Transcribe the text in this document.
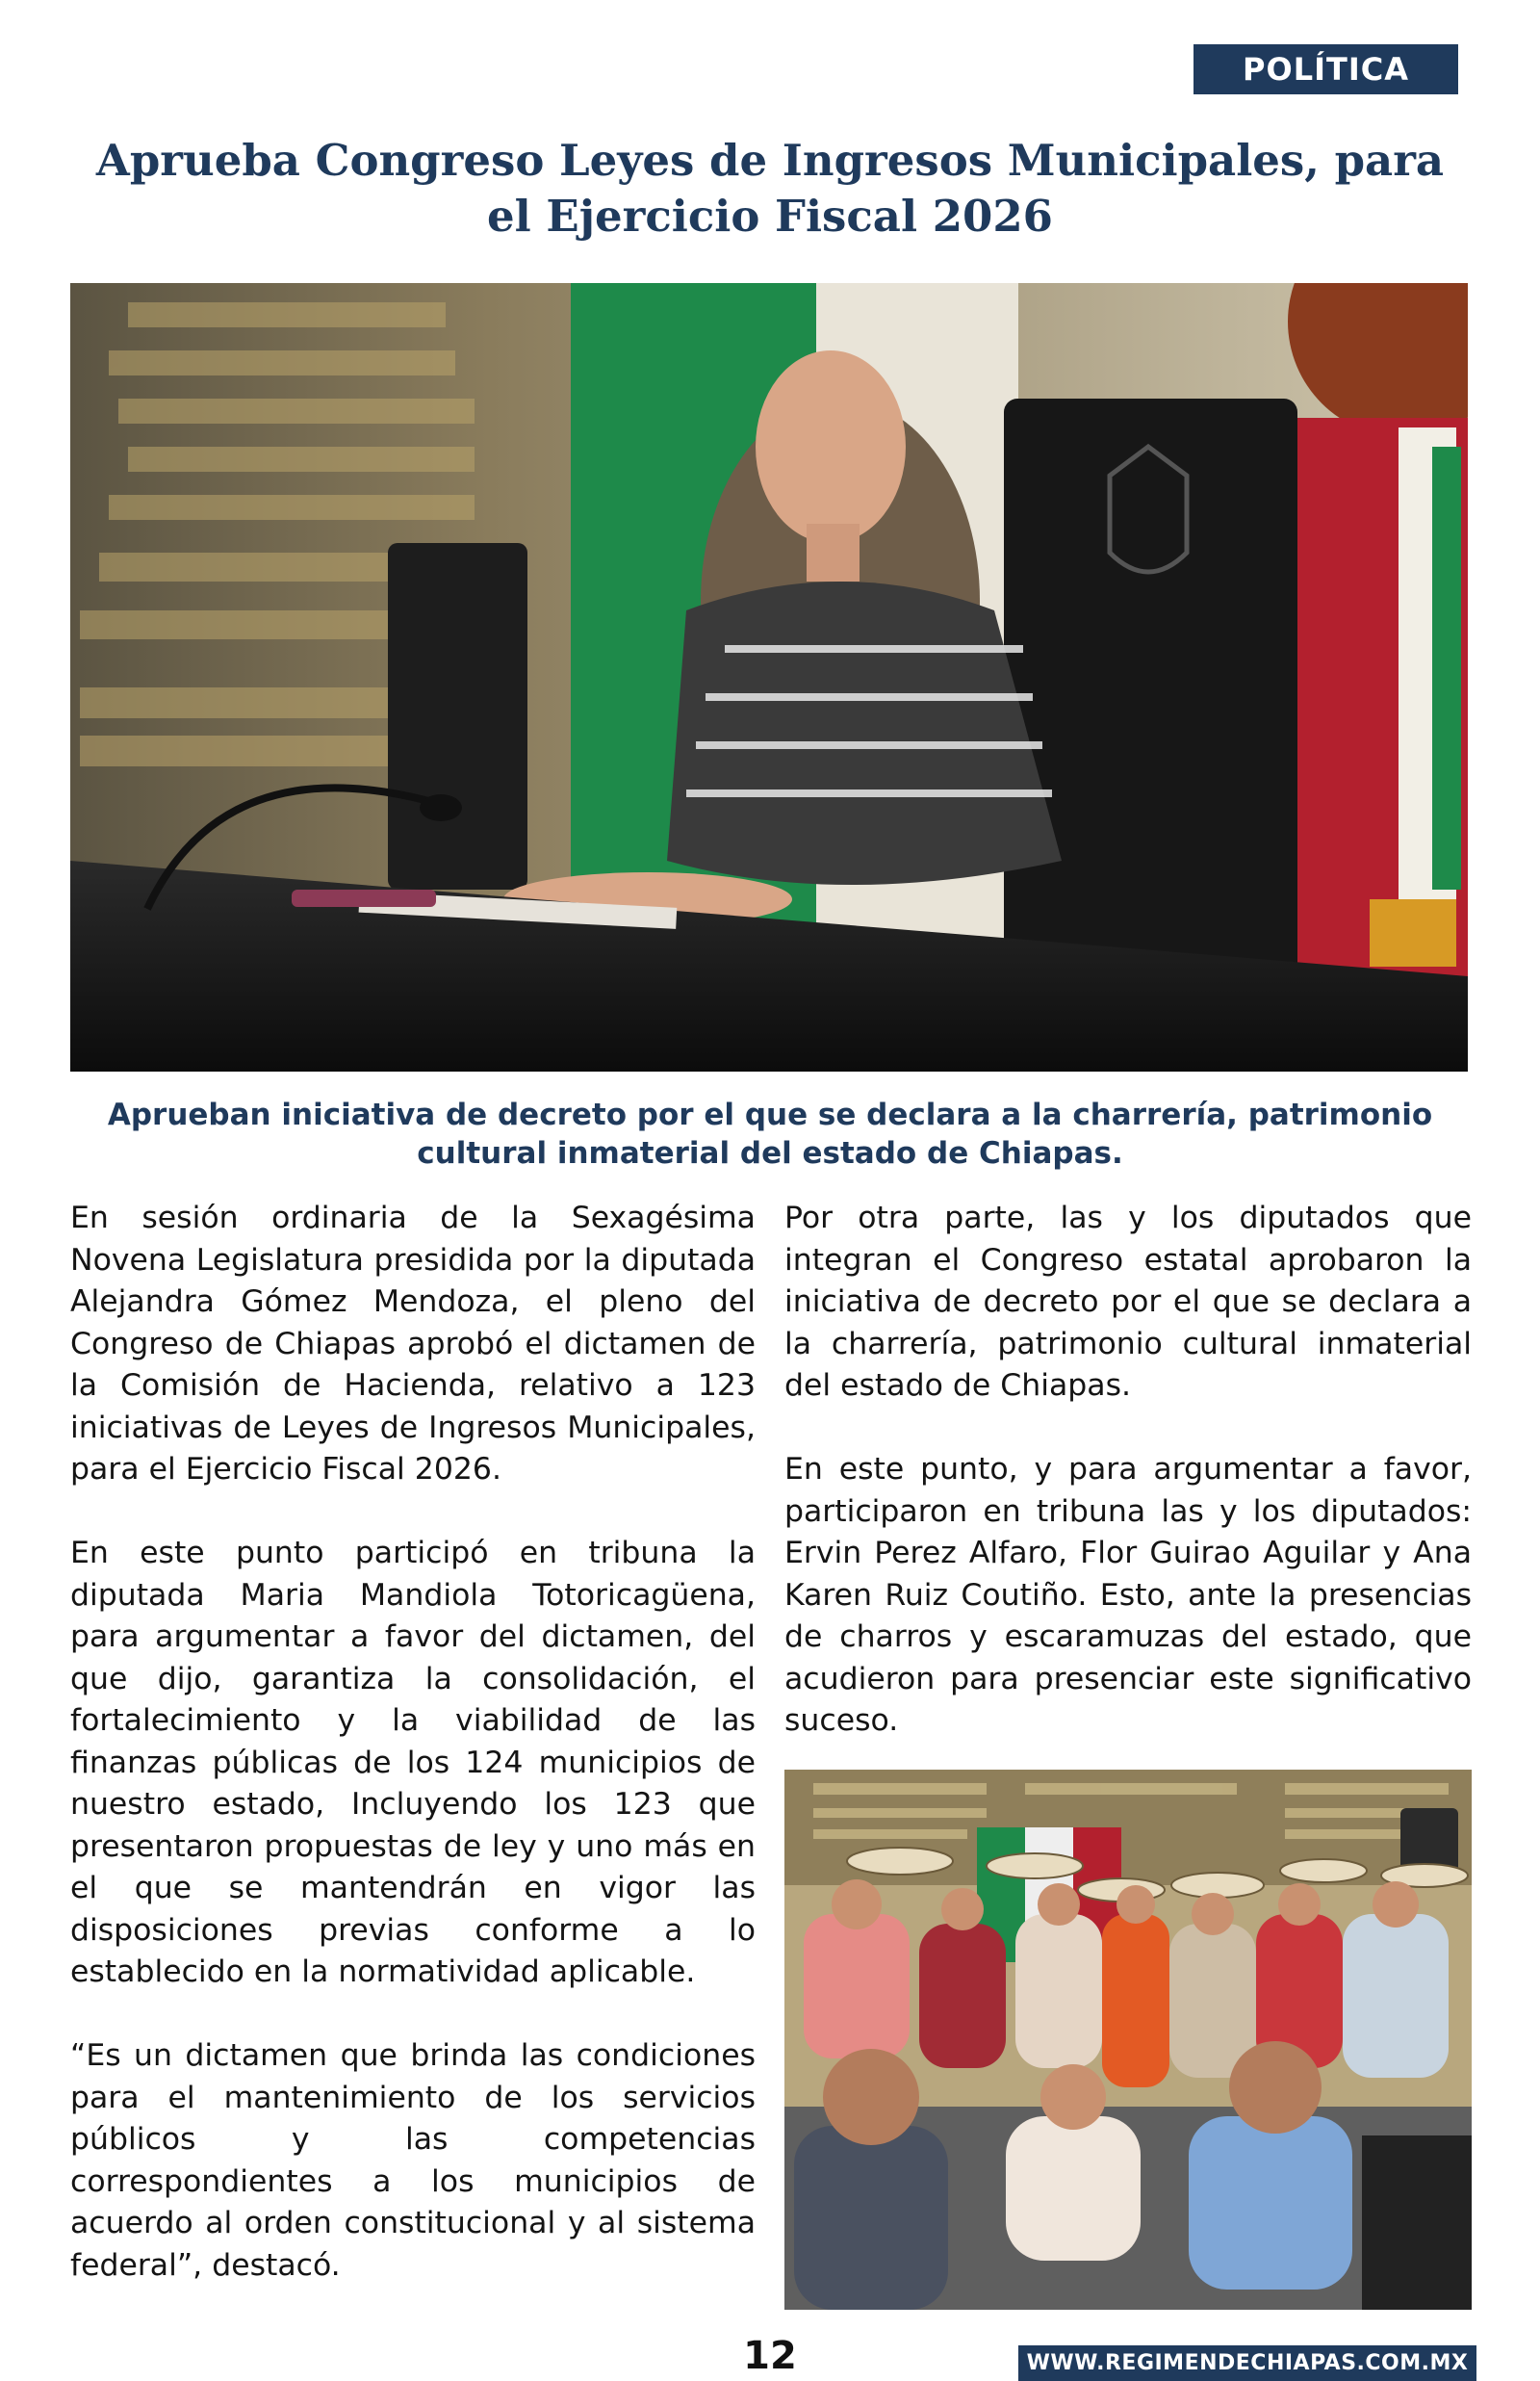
POLÍTICA
Aprueba Congreso Leyes de Ingresos Municipales, para el Ejercicio Fiscal 2026

Aprueban iniciativa de decreto por el que se declara a la charrería, patrimonio cultural inmaterial del estado de Chiapas.

En sesión ordinaria de la Sexagésima Novena Legislatura presidida por la diputada Alejandra Gómez Mendoza, el pleno del Congreso de Chiapas aprobó el dictamen de la Comisión de Hacienda, relativo a 123 iniciativas de Leyes de Ingresos Municipales, para el Ejercicio Fiscal 2026.

En este punto participó en tribuna la diputada Maria Mandiola Totoricagüena, para argumentar a favor del dictamen, del que dijo, garantiza la consolidación, el fortalecimiento y la viabilidad de las finanzas públicas de los 124 municipios de nuestro estado, Incluyendo los 123 que presentaron propuestas de ley y uno más en el que se mantendrán en vigor las disposiciones previas conforme a lo establecido en la normatividad aplicable.

“Es un dictamen que brinda las condiciones para el mantenimiento de los servicios públicos y las competencias correspondientes a los municipios de acuerdo al orden constitucional y al sistema federal”, destacó.

Por otra parte, las y los diputados que integran el Congreso estatal aprobaron la iniciativa de decreto por el que se declara a la charrería, patrimonio cultural inmaterial del estado de Chiapas.

En este punto, y para argumentar a favor, participaron en tribuna las y los diputados: Ervin Perez Alfaro, Flor Guirao Aguilar y Ana Karen Ruiz Coutiño. Esto, ante la presencias de charros y escaramuzas del estado, que acudieron para presenciar este significativo suceso.

12	WWW.REGIMENDECHIAPAS.COM.MX
